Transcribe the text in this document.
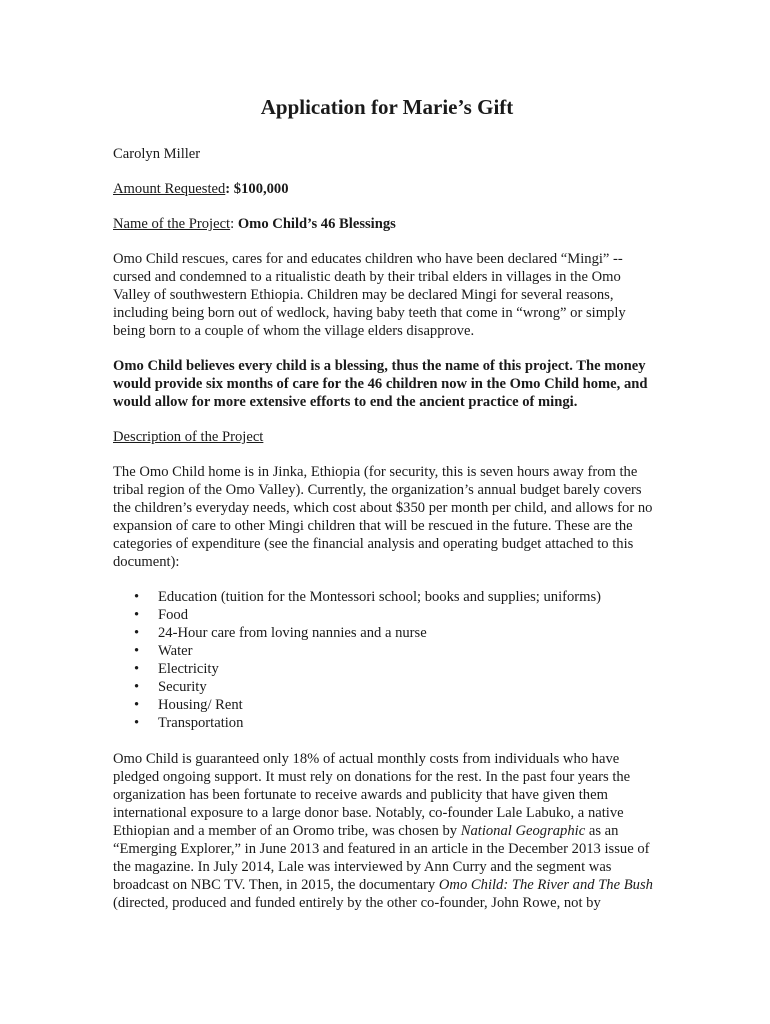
Application for Marie’s Gift

Carolyn Miller

Amount Requested: $100,000

Name of the Project: Omo Child’s 46 Blessings

Omo Child rescues, cares for and educates children who have been declared “Mingi” -- cursed and condemned to a ritualistic death by their tribal elders in villages in the Omo Valley of southwestern Ethiopia. Children may be declared Mingi for several reasons, including being born out of wedlock, having baby teeth that come in “wrong” or simply being born to a couple of whom the village elders disapprove.

Omo Child believes every child is a blessing, thus the name of this project. The money would provide six months of care for the 46 children now in the Omo Child home, and would allow for more extensive efforts to end the ancient practice of mingi.

Description of the Project

The Omo Child home is in Jinka, Ethiopia (for security, this is seven hours away from the tribal region of the Omo Valley). Currently, the organization’s annual budget barely covers the children’s everyday needs, which cost about $350 per month per child, and allows for no expansion of care to other Mingi children that will be rescued in the future. These are the categories of expenditure (see the financial analysis and operating budget attached to this document):

• Education (tuition for the Montessori school; books and supplies; uniforms)
• Food
• 24-Hour care from loving nannies and a nurse
• Water
• Electricity
• Security
• Housing/ Rent
• Transportation

Omo Child is guaranteed only 18% of actual monthly costs from individuals who have pledged ongoing support. It must rely on donations for the rest. In the past four years the organization has been fortunate to receive awards and publicity that have given them international exposure to a large donor base. Notably, co-founder Lale Labuko, a native Ethiopian and a member of an Oromo tribe, was chosen by National Geographic as an “Emerging Explorer,” in June 2013 and featured in an article in the December 2013 issue of the magazine. In July 2014, Lale was interviewed by Ann Curry and the segment was broadcast on NBC TV. Then, in 2015, the documentary Omo Child: The River and The Bush (directed, produced and funded entirely by the other co-founder, John Rowe, not by
